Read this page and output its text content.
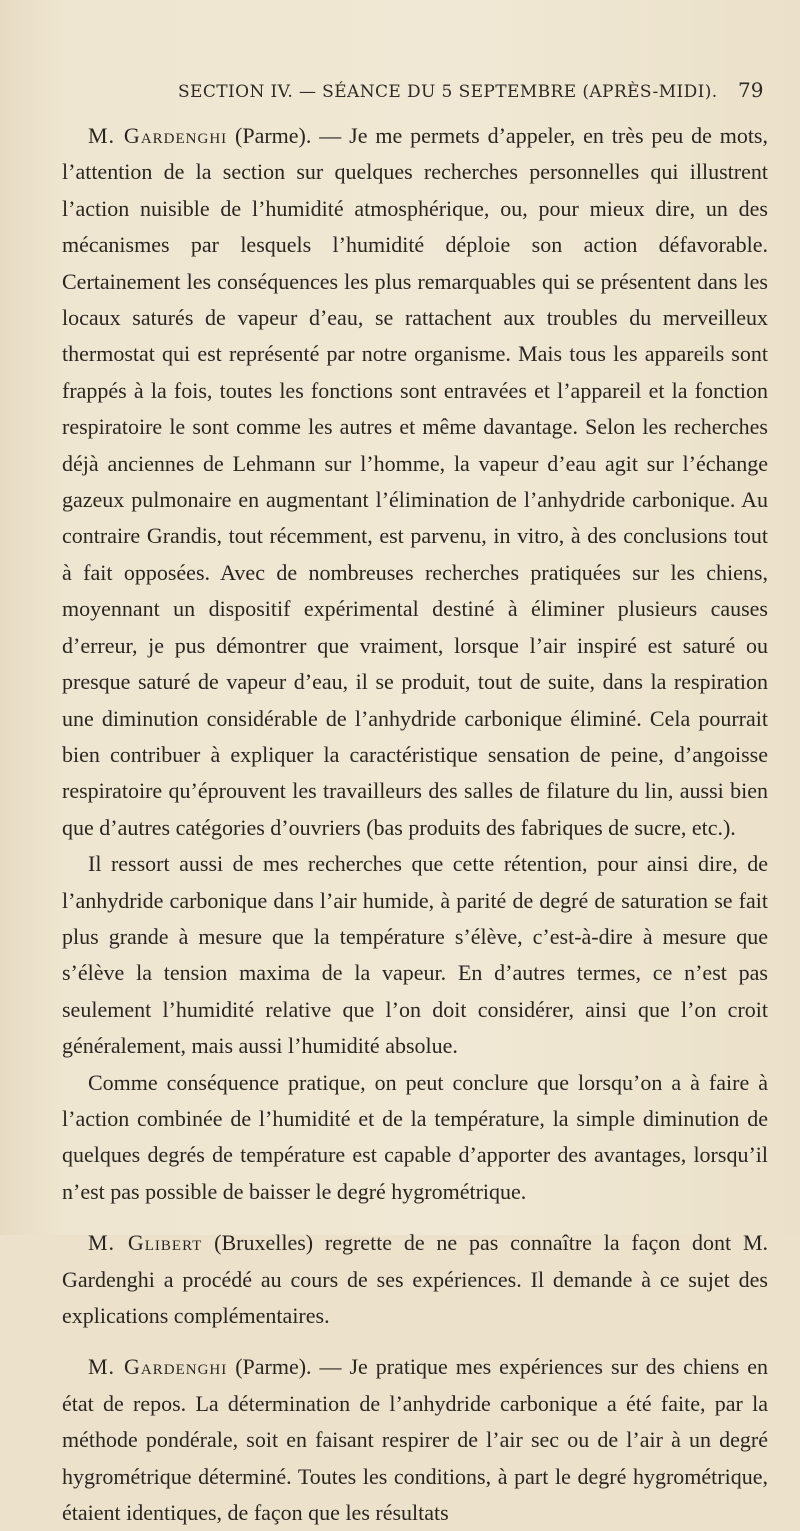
SECTION IV. — SÉANCE DU 5 SEPTEMBRE (APRÈS-MIDI). 79

M. Gardenghi (Parme). — Je me permets d’appeler, en très peu de mots, l’attention de la section sur quelques recherches personnelles qui illustrent l’action nuisible de l’humidité atmosphérique, ou, pour mieux dire, un des mécanismes par lesquels l’humidité déploie son action défavorable. Certainement les conséquences les plus remarquables qui se présentent dans les locaux saturés de vapeur d’eau, se rattachent aux troubles du merveilleux thermostat qui est représenté par notre organisme. Mais tous les appareils sont frappés à la fois, toutes les fonctions sont entravées et l’appareil et la fonction respiratoire le sont comme les autres et même davantage. Selon les recherches déjà anciennes de Lehmann sur l’homme, la vapeur d’eau agit sur l’échange gazeux pulmonaire en augmentant l’élimination de l’anhydride carbonique. Au contraire Grandis, tout récemment, est parvenu, in vitro, à des conclusions tout à fait opposées. Avec de nombreuses recherches pratiquées sur les chiens, moyennant un dispositif expérimental destiné à éliminer plusieurs causes d’erreur, je pus démontrer que vraiment, lorsque l’air inspiré est saturé ou presque saturé de vapeur d’eau, il se produit, tout de suite, dans la respiration une diminution considérable de l’anhydride carbonique éliminé. Cela pourrait bien contribuer à expliquer la caractéristique sensation de peine, d’angoisse respiratoire qu’éprouvent les travailleurs des salles de filature du lin, aussi bien que d’autres catégories d’ouvriers (bas produits des fabriques de sucre, etc.).

Il ressort aussi de mes recherches que cette rétention, pour ainsi dire, de l’anhydride carbonique dans l’air humide, à parité de degré de saturation se fait plus grande à mesure que la température s’élève, c’est-à-dire à mesure que s’élève la tension maxima de la vapeur. En d’autres termes, ce n’est pas seulement l’humidité relative que l’on doit considérer, ainsi que l’on croit généralement, mais aussi l’humidité absolue.

Comme conséquence pratique, on peut conclure que lorsqu’on a à faire à l’action combinée de l’humidité et de la température, la simple diminution de quelques degrés de température est capable d’apporter des avantages, lorsqu’il n’est pas possible de baisser le degré hygrométrique.

M. Glibert (Bruxelles) regrette de ne pas connaître la façon dont M. Gardenghi a procédé au cours de ses expériences. Il demande à ce sujet des explications complémentaires.

M. Gardenghi (Parme). — Je pratique mes expériences sur des chiens en état de repos. La détermination de l’anhydride carbonique a été faite, par la méthode pondérale, soit en faisant respirer de l’air sec ou de l’air à un degré hygrométrique déterminé. Toutes les conditions, à part le degré hygrométrique, étaient identiques, de façon que les résultats
